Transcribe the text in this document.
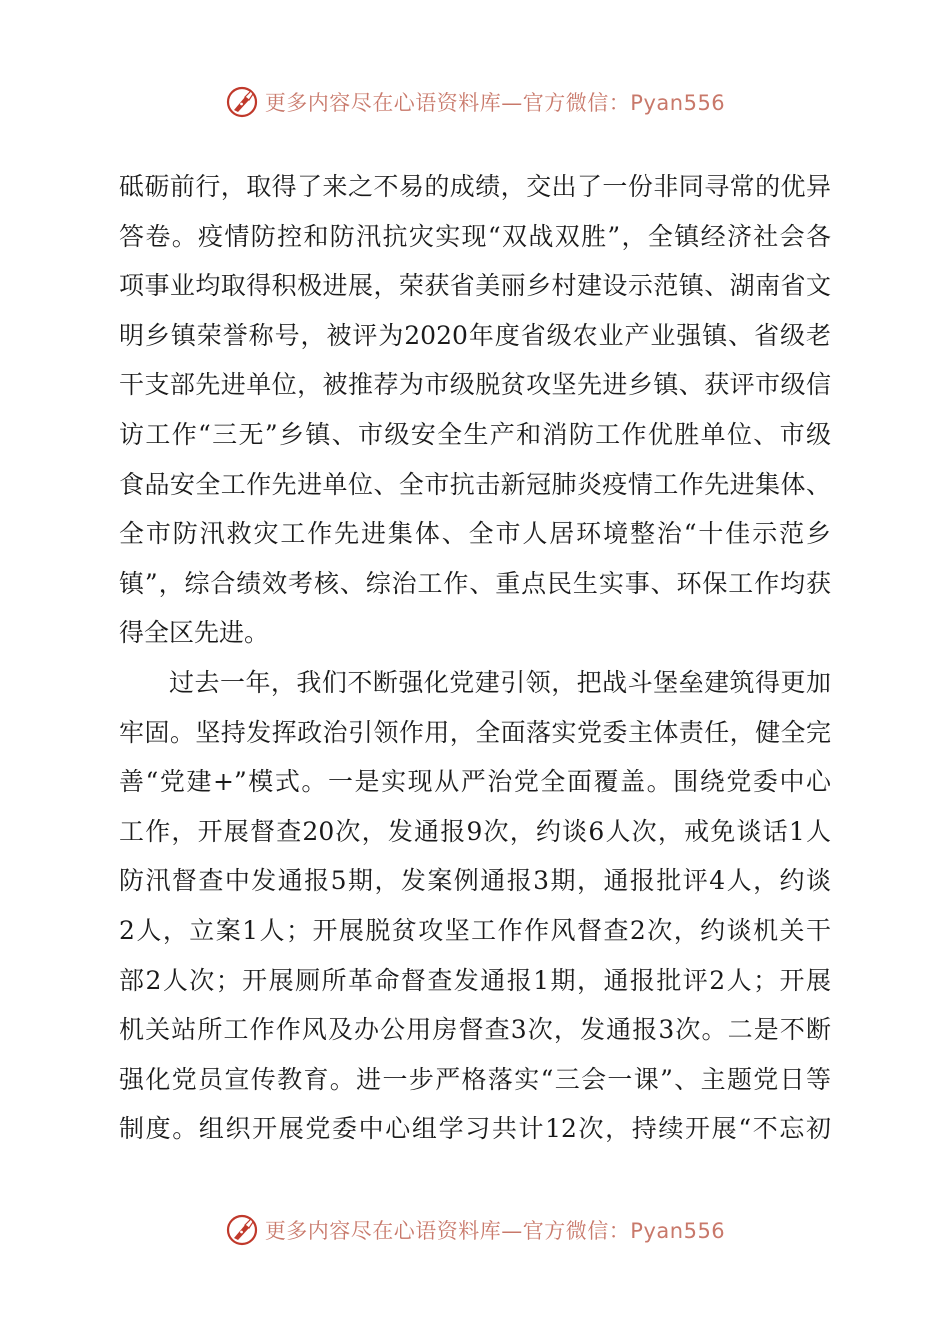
更多内容尽在心语资料库—官方微信：Pyan556
砥砺前行，取得了来之不易的成绩，交出了一份非同寻常的优异
答卷。疫情防控和防汛抗灾实现“双战双胜”，全镇经济社会各
项事业均取得积极进展，荣获省美丽乡村建设示范镇、湖南省文
明乡镇荣誉称号，被评为2020年度省级农业产业强镇、省级老
干支部先进单位，被推荐为市级脱贫攻坚先进乡镇、获评市级信
访工作“三无”乡镇、市级安全生产和消防工作优胜单位、市级
食品安全工作先进单位、全市抗击新冠肺炎疫情工作先进集体、
全市防汛救灾工作先进集体、全市人居环境整治“十佳示范乡
镇”，综合绩效考核、综治工作、重点民生实事、环保工作均获
得全区先进。
过去一年，我们不断强化党建引领，把战斗堡垒建筑得更加
牢固。坚持发挥政治引领作用，全面落实党委主体责任，健全完
善“党建+”模式。一是实现从严治党全面覆盖。围绕党委中心
工作，开展督查20次，发通报9次，约谈6人次，戒免谈话1人
防汛督查中发通报5期，发案例通报3期，通报批评4人，约谈
2人，立案1人；开展脱贫攻坚工作作风督查2次，约谈机关干
部2人次；开展厕所革命督查发通报1期，通报批评2人；开展
机关站所工作作风及办公用房督查3次，发通报3次。二是不断
强化党员宣传教育。进一步严格落实“三会一课”、主题党日等
制度。组织开展党委中心组学习共计12次，持续开展“不忘初
更多内容尽在心语资料库—官方微信：Pyan556
